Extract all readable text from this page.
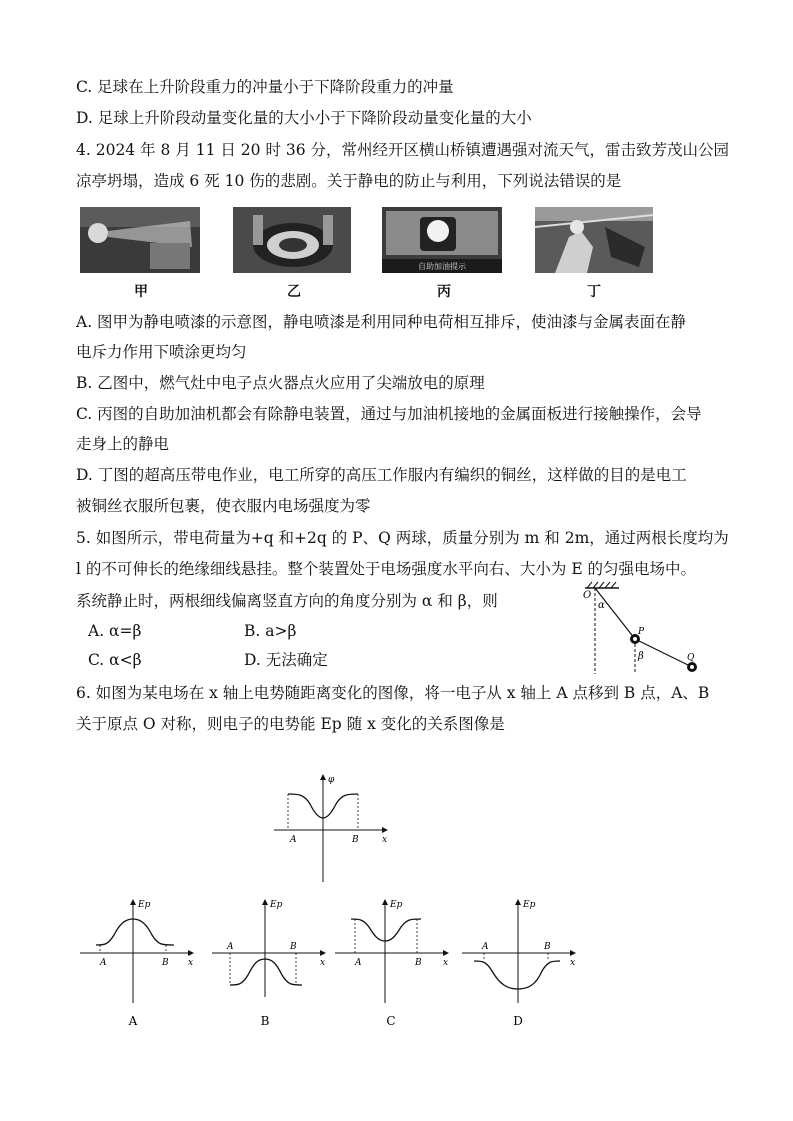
C. 足球在上升阶段重力的冲量小于下降阶段重力的冲量
D. 足球上升阶段动量变化量的大小小于下降阶段动量变化量的大小
4. 2024 年 8 月 11 日 20 时 36 分，常州经开区横山桥镇遭遇强对流天气，雷击致芳茂山公园
凉亭坍塌，造成 6 死 10 伤的悲剧。关于静电的防止与利用，下列说法错误的是
自助加油提示
甲	乙	丙	丁
A. 图甲为静电喷漆的示意图，静电喷漆是利用同种电荷相互排斥，使油漆与金属表面在静
电斥力作用下喷涂更均匀
B. 乙图中，燃气灶中电子点火器点火应用了尖端放电的原理
C. 丙图的自助加油机都会有除静电装置，通过与加油机接地的金属面板进行接触操作，会导
走身上的静电
D. 丁图的超高压带电作业，电工所穿的高压工作服内有编织的铜丝，这样做的目的是电工
被铜丝衣服所包裹，使衣服内电场强度为零
5. 如图所示，带电荷量为+q 和+2q 的 P、Q 两球，质量分别为 m 和 2m，通过两根长度均为
l 的不可伸长的绝缘细线悬挂。整个装置处于电场强度水平向右、大小为 E 的匀强电场中。
系统静止时，两根细线偏离竖直方向的角度分别为 α 和 β，则
A. α=β	B. a>β
C. α<β	D. 无法确定
O
α
P
β	Q
6. 如图为某电场在 x 轴上电势随距离变化的图像，将一电子从 x 轴上 A 点移到 B 点，A、B
关于原点 O 对称，则电子的电势能 Ep 随 x 变化的关系图像是
φ
x
A	B
Ep
x
A	B
A
Ep
x
A	B
B
Ep
x
A	B
C
Ep
x
A	B
D
